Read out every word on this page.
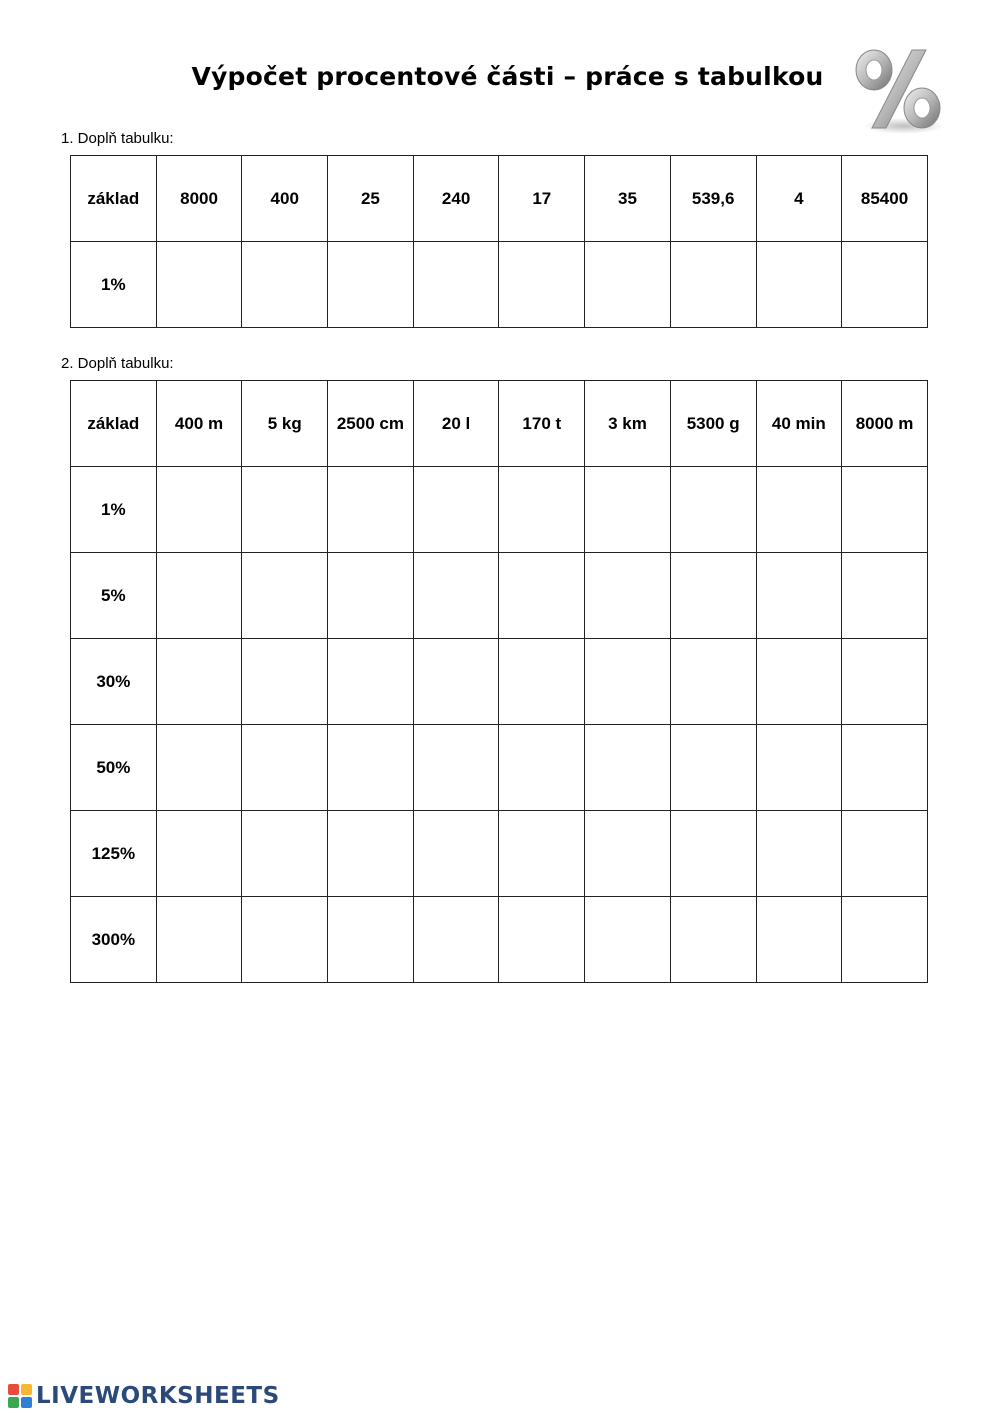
Výpočet procentové části – práce s tabulkou
1. Doplň tabulku:
základ	8000	400	25	240	17	35	539,6	4	85400
1%									
2. Doplň tabulku:
základ	400 m	5 kg	2500 cm	20 l	170 t	3 km	5300 g	40 min	8000 m
1%									
5%									
30%									
50%									
125%									
300%									
LIVEWORKSHEETS
